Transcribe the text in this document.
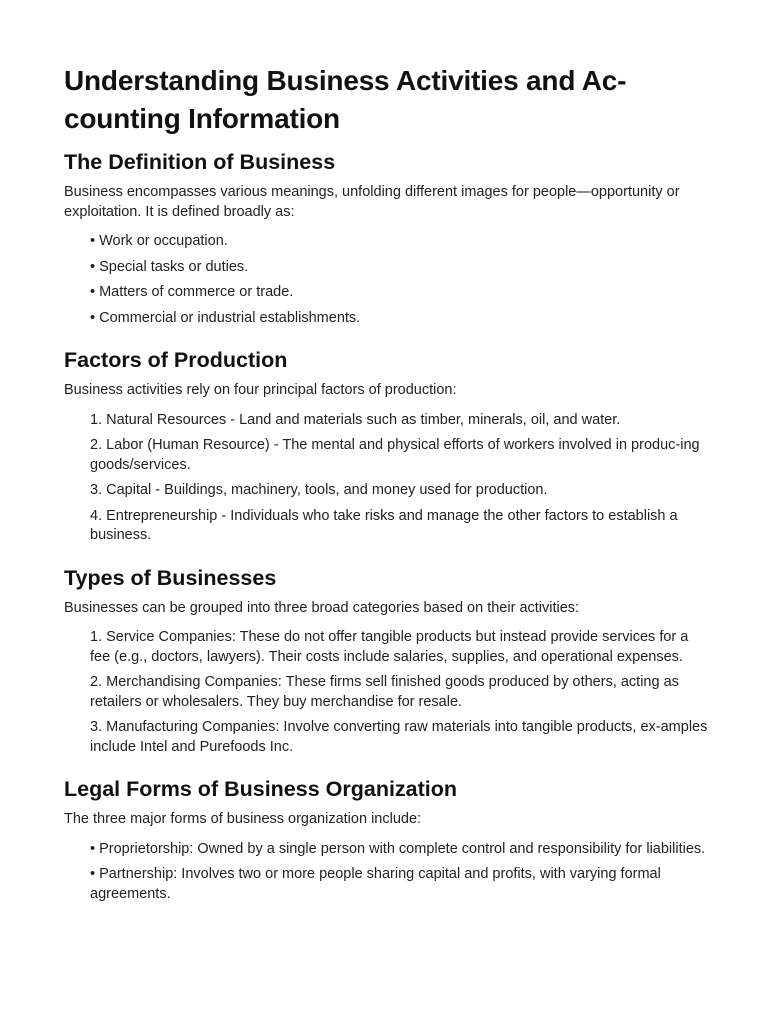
Understanding Business Activities and Ac-
counting Information
The Definition of Business

Business encompasses various meanings, unfolding different images for people—opportunity or exploitation. It is defined broadly as:

• Work or occupation.
• Special tasks or duties.
• Matters of commerce or trade.
• Commercial or industrial establishments.
Factors of Production

Business activities rely on four principal factors of production:

1. Natural Resources - Land and materials such as timber, minerals, oil, and water.
2. Labor (Human Resource) - The mental and physical efforts of workers involved in produc-ing goods/services.
3. Capital - Buildings, machinery, tools, and money used for production.
4. Entrepreneurship - Individuals who take risks and manage the other factors to establish a business.
Types of Businesses

Businesses can be grouped into three broad categories based on their activities:

1. Service Companies: These do not offer tangible products but instead provide services for a fee (e.g., doctors, lawyers). Their costs include salaries, supplies, and operational expenses.
2. Merchandising Companies: These firms sell finished goods produced by others, acting as retailers or wholesalers. They buy merchandise for resale.
3. Manufacturing Companies: Involve converting raw materials into tangible products, ex-amples include Intel and Purefoods Inc.
Legal Forms of Business Organization

The three major forms of business organization include:

• Proprietorship: Owned by a single person with complete control and responsibility for liabilities.
• Partnership: Involves two or more people sharing capital and profits, with varying formal agreements.
